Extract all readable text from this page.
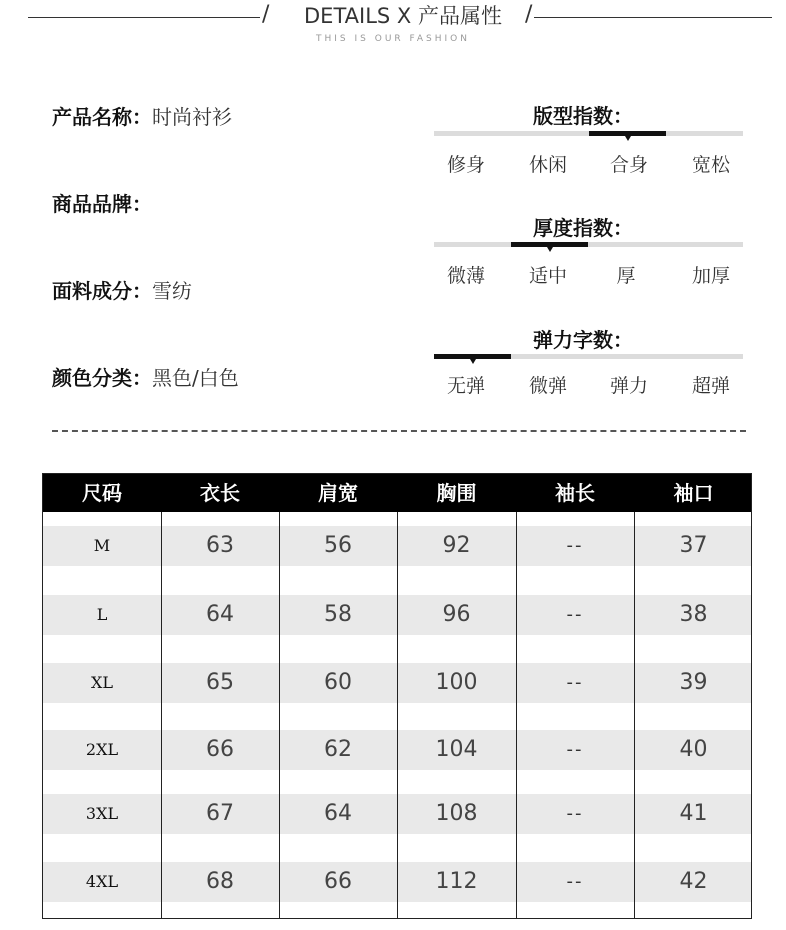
/	DETAILS X 产品属性	/
THIS IS OUR FASHION
产品名称：时尚衬衫
商品品牌：
面料成分：雪纺
颜色分类：黑色/白色
版型指数：
修身	休闲	合身	宽松
厚度指数：
微薄	适中	厚	加厚
弹力字数：
无弹	微弹	弹力	超弹
尺码	衣长	肩宽	胸围	袖长	袖口
M	63	56	92	--	37
L	64	58	96	--	38
XL	65	60	100	--	39
2XL	66	62	104	--	40
3XL	67	64	108	--	41
4XL	68	66	112	--	42
